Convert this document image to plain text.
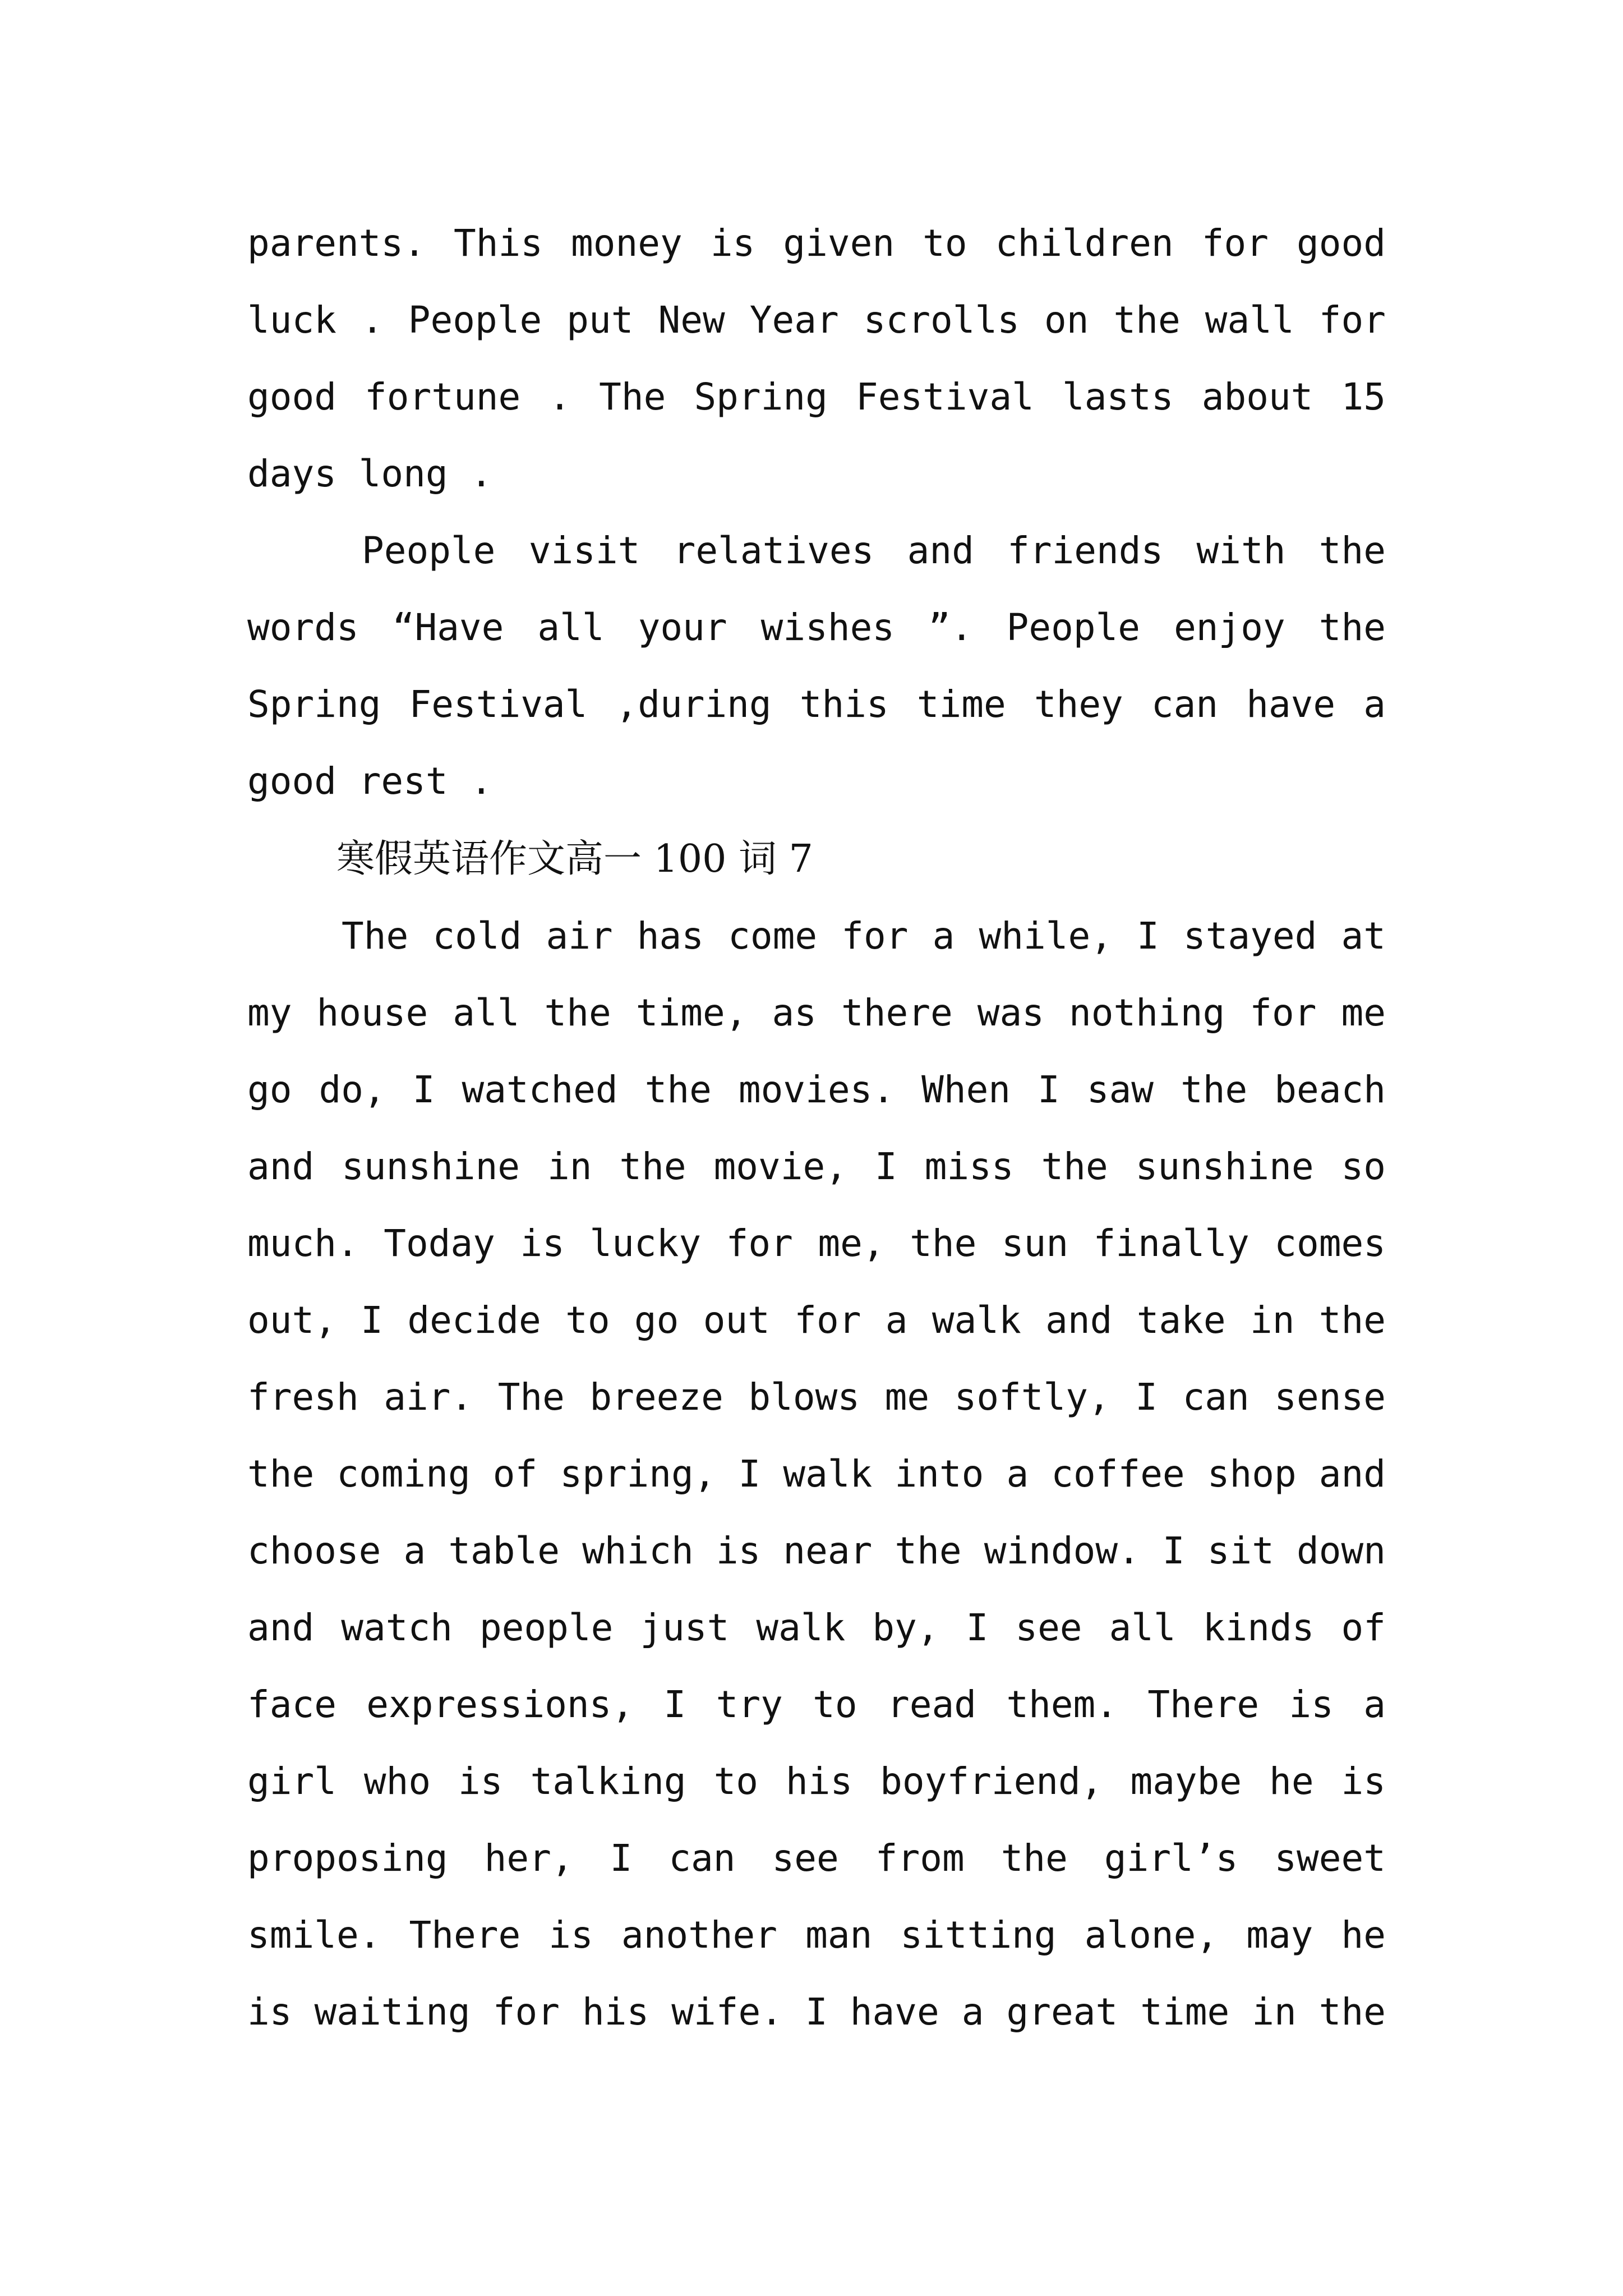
parents. This money is given to children for good
luck . People put New Year scrolls on the wall for
good fortune . The Spring Festival lasts about 15
days long .
People visit relatives and friends with the
words “Have all your wishes ”. People enjoy the
Spring Festival ,during this time they can have a
good rest .
寒假英语作文高一 100 词 7
The cold air has come for a while, I stayed at
my house all the time, as there was nothing for me
go do, I watched the movies. When I saw the beach
and sunshine in the movie, I miss the sunshine so
much. Today is lucky for me, the sun finally comes
out, I decide to go out for a walk and take in the
fresh air. The breeze blows me softly, I can sense
the coming of spring, I walk into a coffee shop and
choose a table which is near the window. I sit down
and watch people just walk by, I see all kinds of
face expressions, I try to read them. There is a
girl who is talking to his boyfriend, maybe he is
proposing her, I can see from the girl’s sweet
smile. There is another man sitting alone, may he
is waiting for his wife. I have a great time in the
